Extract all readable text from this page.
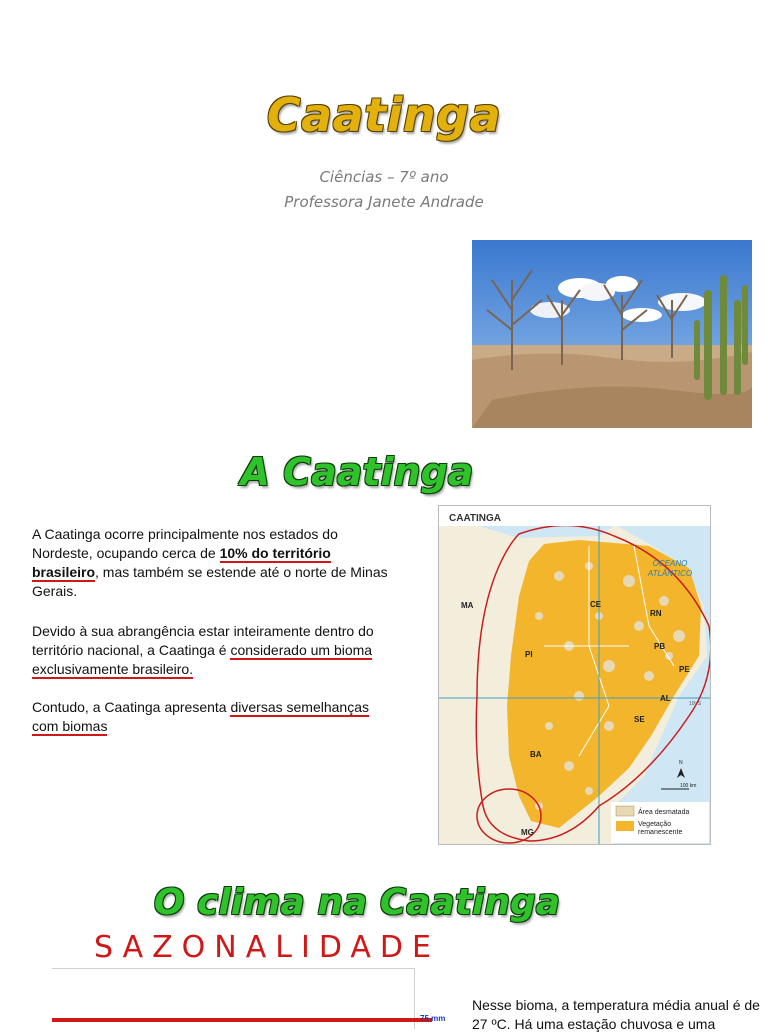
Caatinga
Ciências – 7º ano
Professora Janete Andrade
A Caatinga
A Caatinga ocorre principalmente nos estados do Nordeste, ocupando cerca de 10% do território brasileiro, mas também se estende até o norte de Minas Gerais.
Devido à sua abrangência estar inteiramente dentro do território nacional, a Caatinga é considerado um bioma exclusivamente brasileiro.
Contudo, a Caatinga apresenta diversas semelhanças com biomas
CAATINGA
OCEANO
ATLÂNTICO
MA	CE
RN
PI
PB
PE
AL
SE
BA
MG
10º S
N
100 km
Área desmatada
Vegetação
remanescente
O clima na Caatinga
SAZONALIDADE
75 mm
Nesse bioma, a temperatura média anual é de 27 ºC. Há uma estação chuvosa e uma
